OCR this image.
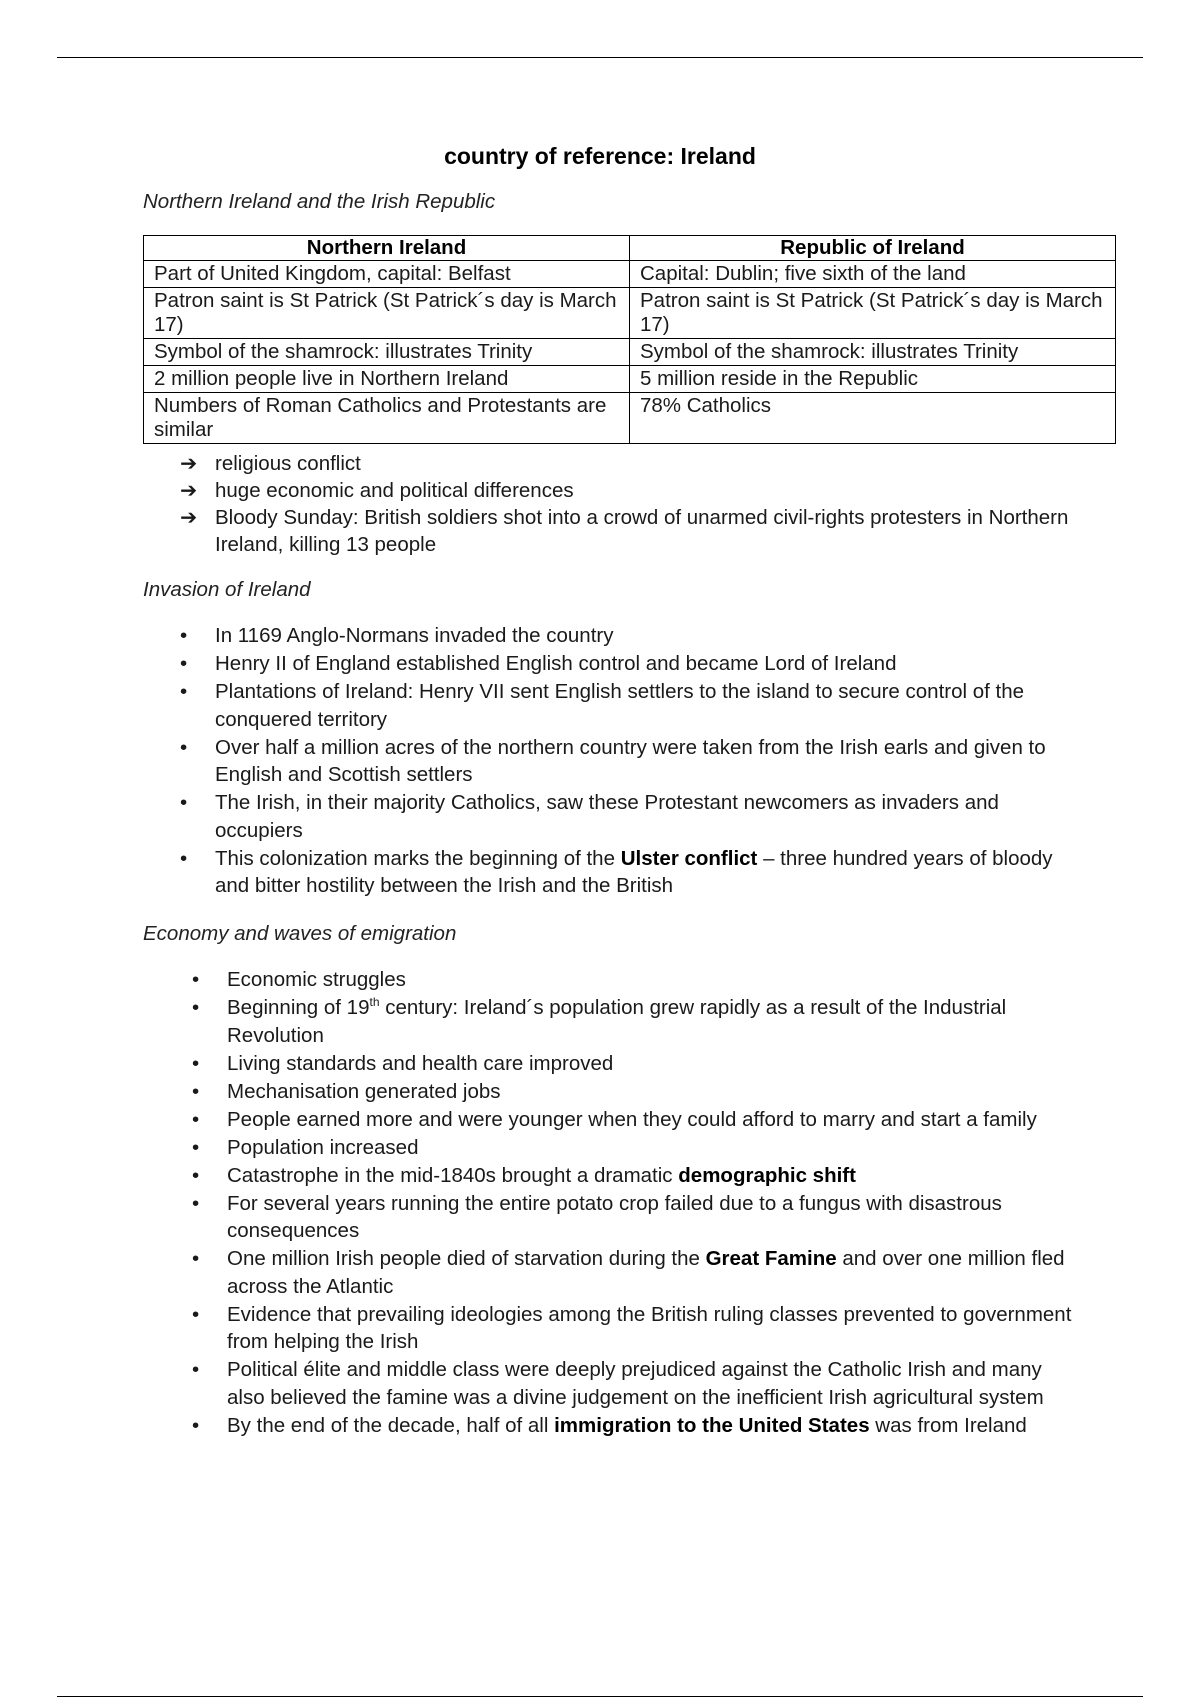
country of reference: Ireland
Northern Ireland and the Irish Republic
Northern Ireland	Republic of Ireland
Part of United Kingdom, capital: Belfast	Capital: Dublin; five sixth of the land
Patron saint is St Patrick (St Patrick´s day is March 17)	Patron saint is St Patrick (St Patrick´s day is March 17)
Symbol of the shamrock: illustrates Trinity	Symbol of the shamrock: illustrates Trinity
2 million people live in Northern Ireland	5 million reside in the Republic
Numbers of Roman Catholics and Protestants are similar	78% Catholics
➔ religious conflict
➔ huge economic and political differences
➔ Bloody Sunday: British soldiers shot into a crowd of unarmed civil-rights protesters in Northern Ireland, killing 13 people
Invasion of Ireland
• In 1169 Anglo-Normans invaded the country
• Henry II of England established English control and became Lord of Ireland
• Plantations of Ireland: Henry VII sent English settlers to the island to secure control of the conquered territory
• Over half a million acres of the northern country were taken from the Irish earls and given to English and Scottish settlers
• The Irish, in their majority Catholics, saw these Protestant newcomers as invaders and occupiers
• This colonization marks the beginning of the Ulster conflict – three hundred years of bloody and bitter hostility between the Irish and the British
Economy and waves of emigration
• Economic struggles
• Beginning of 19th century: Ireland´s population grew rapidly as a result of the Industrial Revolution
• Living standards and health care improved
• Mechanisation generated jobs
• People earned more and were younger when they could afford to marry and start a family
• Population increased
• Catastrophe in the mid-1840s brought a dramatic demographic shift
• For several years running the entire potato crop failed due to a fungus with disastrous consequences
• One million Irish people died of starvation during the Great Famine and over one million fled across the Atlantic
• Evidence that prevailing ideologies among the British ruling classes prevented to government from helping the Irish
• Political élite and middle class were deeply prejudiced against the Catholic Irish and many also believed the famine was a divine judgement on the inefficient Irish agricultural system
• By the end of the decade, half of all immigration to the United States was from Ireland
